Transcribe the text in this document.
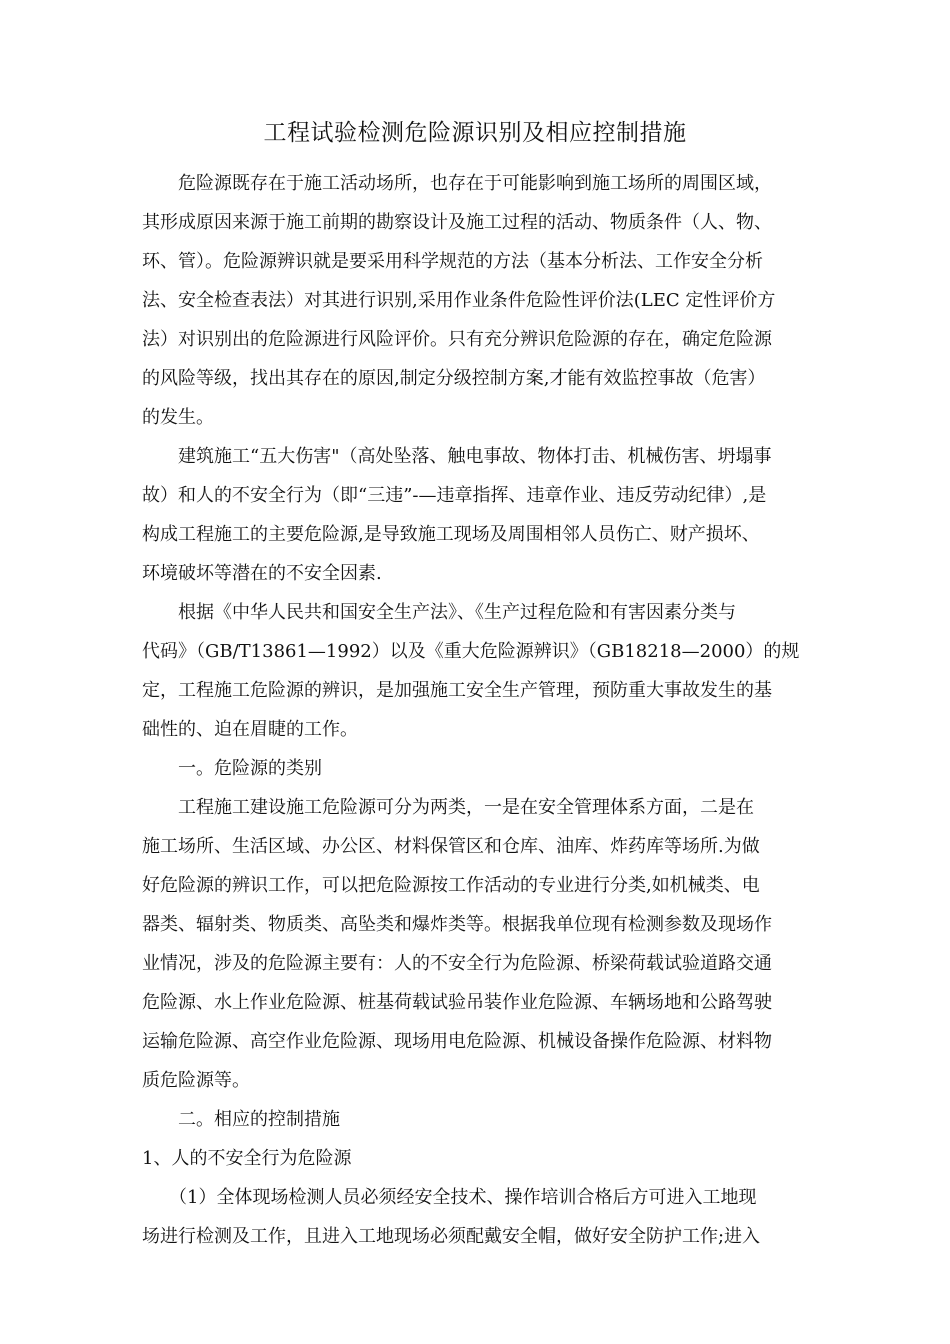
工程试验检测危险源识别及相应控制措施
　　危险源既存在于施工活动场所，也存在于可能影响到施工场所的周围区域，
其形成原因来源于施工前期的勘察设计及施工过程的活动、物质条件（人、物、
环、管）。危险源辨识就是要采用科学规范的方法（基本分析法、工作安全分析
法、安全检查表法）对其进行识别,采用作业条件危险性评价法(LEC 定性评价方
法）对识别出的危险源进行风险评价。只有充分辨识危险源的存在，确定危险源
的风险等级，找出其存在的原因,制定分级控制方案,才能有效监控事故（危害）
的发生。
　　建筑施工“五大伤害"（高处坠落、触电事故、物体打击、机械伤害、坍塌事
故）和人的不安全行为（即“三违”-—违章指挥、违章作业、违反劳动纪律）,是
构成工程施工的主要危险源,是导致施工现场及周围相邻人员伤亡、财产损坏、
环境破坏等潜在的不安全因素.
　　根据《中华人民共和国安全生产法》、《生产过程危险和有害因素分类与
代码》（GB/T13861—1992）以及《重大危险源辨识》（GB18218—2000）的规
定，工程施工危险源的辨识，是加强施工安全生产管理，预防重大事故发生的基
础性的、迫在眉睫的工作。
　　一。危险源的类别
　　工程施工建设施工危险源可分为两类，一是在安全管理体系方面，二是在
施工场所、生活区域、办公区、材料保管区和仓库、油库、炸药库等场所.为做
好危险源的辨识工作，可以把危险源按工作活动的专业进行分类,如机械类、电
器类、辐射类、物质类、高坠类和爆炸类等。根据我单位现有检测参数及现场作
业情况，涉及的危险源主要有：人的不安全行为危险源、桥梁荷载试验道路交通
危险源、水上作业危险源、桩基荷载试验吊装作业危险源、车辆场地和公路驾驶
运输危险源、高空作业危险源、现场用电危险源、机械设备操作危险源、材料物
质危险源等。
　　二。相应的控制措施
1、人的不安全行为危险源
　　（1）全体现场检测人员必须经安全技术、操作培训合格后方可进入工地现
场进行检测及工作，且进入工地现场必须配戴安全帽，做好安全防护工作;进入
